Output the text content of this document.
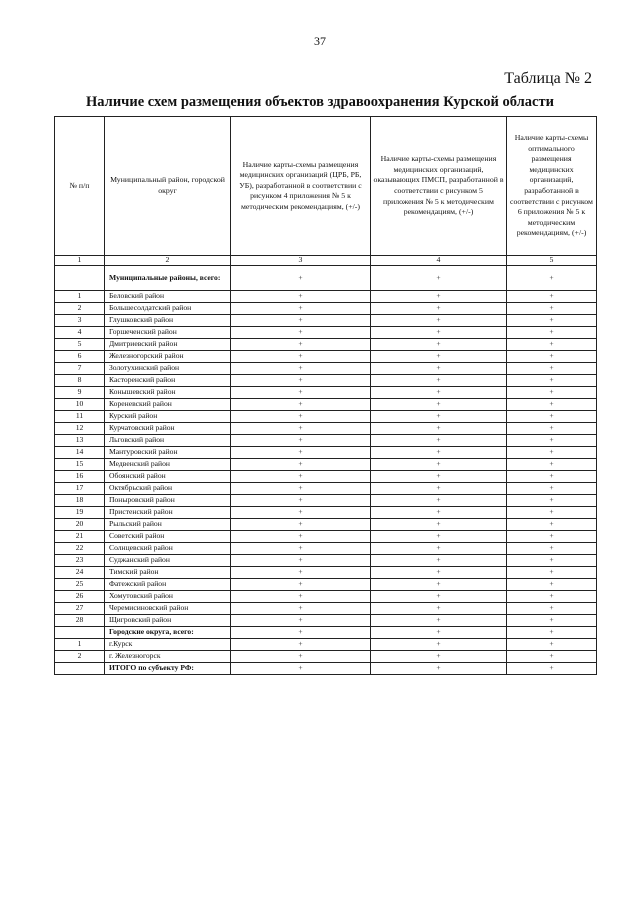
37
Таблица № 2
Наличие схем размещения объектов здравоохранения Курской области
№ п/п	Муниципальный район, городской округ	Наличие карты-схемы размещения медицинских организаций (ЦРБ, РБ, УБ), разработанной в соответствии с рисунком 4 приложения № 5 к методическим рекомендациям, (+/-)	Наличие карты-схемы размещения медицинских организаций, оказывающих ПМСП, разработанной в соответствии с рисунком 5 приложения № 5 к методическим рекомендациям, (+/-)	Наличие карты-схемы оптимального размещения медицинских организаций, разработанной в соответствии с рисунком 6 приложения № 5 к методическим рекомендациям, (+/-)
1	2	3	4	5
	Муниципальные районы, всего:	+	+	+
1	Беловский район	+	+	+
2	Большесолдатский район	+	+	+
3	Глушковский район	+	+	+
4	Горшеченский район	+	+	+
5	Дмитриевский район	+	+	+
6	Железногорский район	+	+	+
7	Золотухинский район	+	+	+
8	Касторенский район	+	+	+
9	Конышевский район	+	+	+
10	Кореневский район	+	+	+
11	Курский район	+	+	+
12	Курчатовский район	+	+	+
13	Льговский район	+	+	+
14	Мантуровский район	+	+	+
15	Медвенский район	+	+	+
16	Обоянский район	+	+	+
17	Октябрьский район	+	+	+
18	Поныровский район	+	+	+
19	Пристенский район	+	+	+
20	Рыльский район	+	+	+
21	Советский район	+	+	+
22	Солнцевский район	+	+	+
23	Суджанский район	+	+	+
24	Тимский район	+	+	+
25	Фатежский район	+	+	+
26	Хомутовский район	+	+	+
27	Черемисиновский район	+	+	+
28	Щигровский район	+	+	+
	Городские округа, всего:	+	+	+
1	г.Курск	+	+	+
2	г. Железногорск	+	+	+
	ИТОГО по субъекту РФ:	+	+	+
